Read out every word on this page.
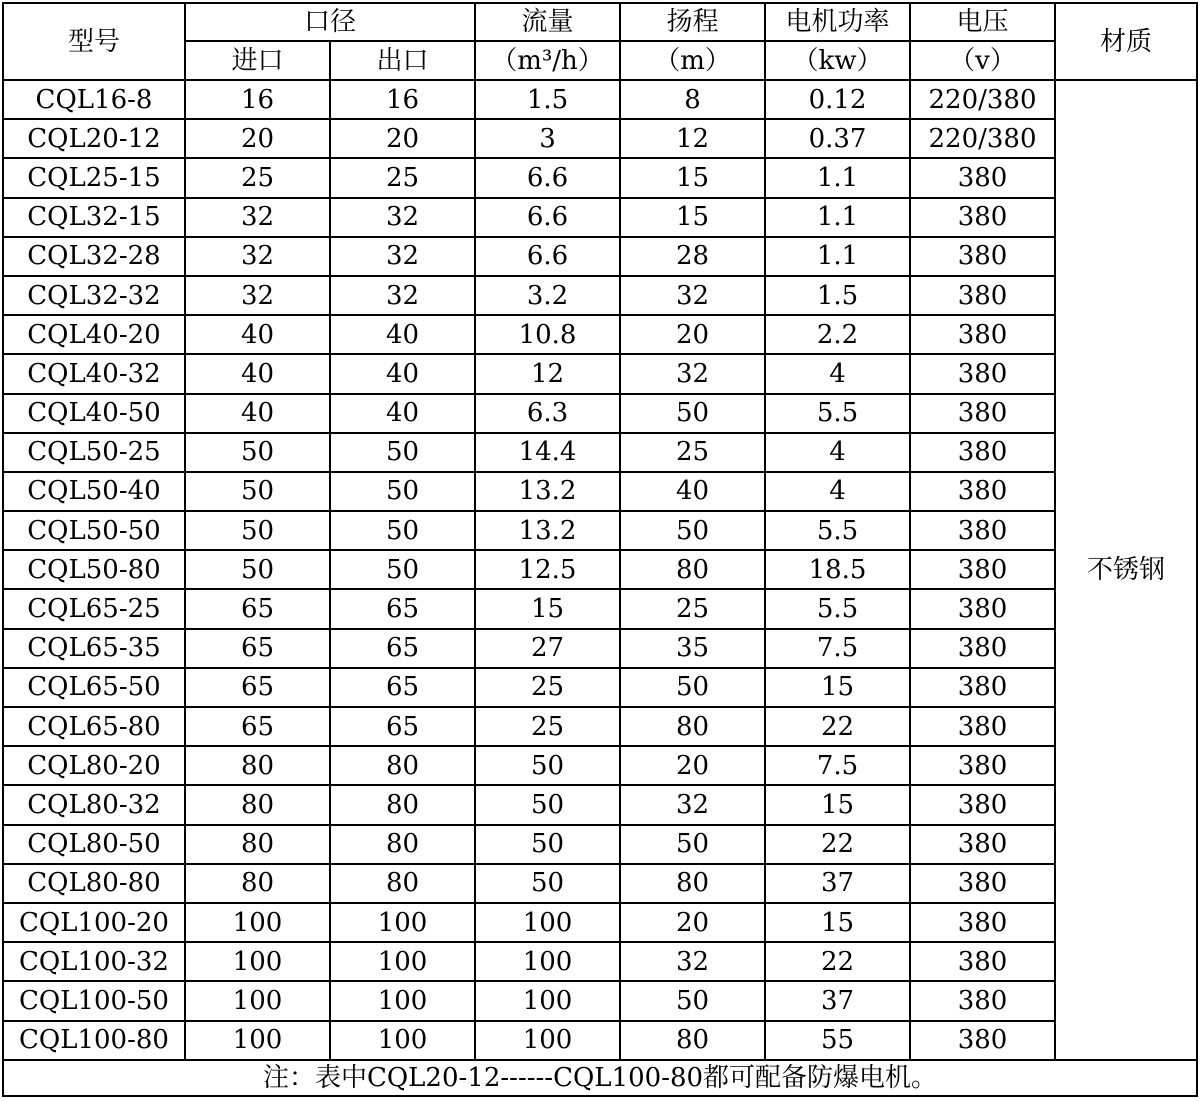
型号	口径		流量	扬程	电机功率	电压	材质
	进口	出口	（m³/h）	（m）	（kw）	（v）	
CQL16-8	16	16	1.5	8	0.12	220/380	不锈钢
CQL20-12	20	20	3	12	0.37	220/380	
CQL25-15	25	25	6.6	15	1.1	380	
CQL32-15	32	32	6.6	15	1.1	380	
CQL32-28	32	32	6.6	28	1.1	380	
CQL32-32	32	32	3.2	32	1.5	380	
CQL40-20	40	40	10.8	20	2.2	380	
CQL40-32	40	40	12	32	4	380	
CQL40-50	40	40	6.3	50	5.5	380	
CQL50-25	50	50	14.4	25	4	380	
CQL50-40	50	50	13.2	40	4	380	
CQL50-50	50	50	13.2	50	5.5	380	
CQL50-80	50	50	12.5	80	18.5	380	
CQL65-25	65	65	15	25	5.5	380	
CQL65-35	65	65	27	35	7.5	380	
CQL65-50	65	65	25	50	15	380	
CQL65-80	65	65	25	80	22	380	
CQL80-20	80	80	50	20	7.5	380	
CQL80-32	80	80	50	32	15	380	
CQL80-50	80	80	50	50	22	380	
CQL80-80	80	80	50	80	37	380	
CQL100-20	100	100	100	20	15	380	
CQL100-32	100	100	100	32	22	380	
CQL100-50	100	100	100	50	37	380	
CQL100-80	100	100	100	80	55	380	
注：表中CQL20-12------CQL100-80都可配备防爆电机。							
